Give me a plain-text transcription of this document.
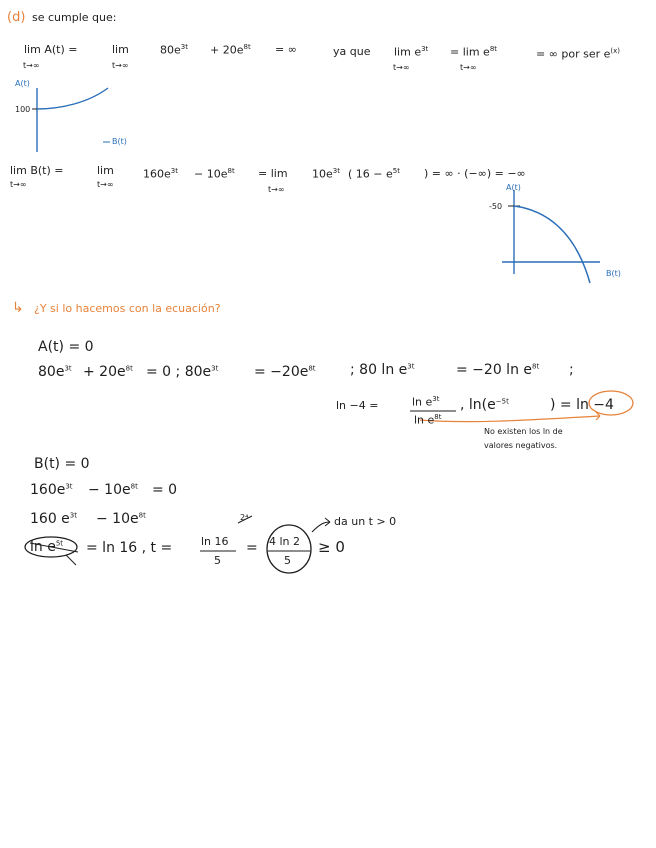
(d) se cumple que:
lim A(t) =
t→∞
lim
t→∞
$80e^{3t} + 20e^{8t}$ = ∞	ya que $\lim e^{3t}$
t→∞
= $\lim e^{8t}$
t→∞
= ∞ por ser $e^{(x)}$
A(t)
100
B(t)
lim B(t) =
t→∞
lim
t→∞
$160e^{3t} - 10e^{8t} = \lim$
t→∞
$10e^{3t}$ ( $16 - e^{5t}$ ) = ∞ · (−∞) = −∞
A(t)
-50
B(t)
↳ ¿Y si lo hacemos con la ecuación?
A(t) = 0
$80e^{3t} + 20e^{8t} = 0$ ; $80e^{3t}$	= $-20e^{8t}$ ; 80 $\ln e^{3t}$	= −20 $\ln e^{8t}$ ;
ln −4 =	$\ln e^{3t}$
$\ln e^{8t}$
, $\ln(e^{-5t}$	) = ln −4
No existen los ln de
valores negativos.
B(t) = 0
$160e^{3t} - 10e^{8t} = 0$
160 $e^{3t} - 10e^{8t}$
$\ln e^{5t} = \ln 16$ , t =	ln 16
5
= 4 ln 2
5
≥ 0
2⁴	da un t > 0
